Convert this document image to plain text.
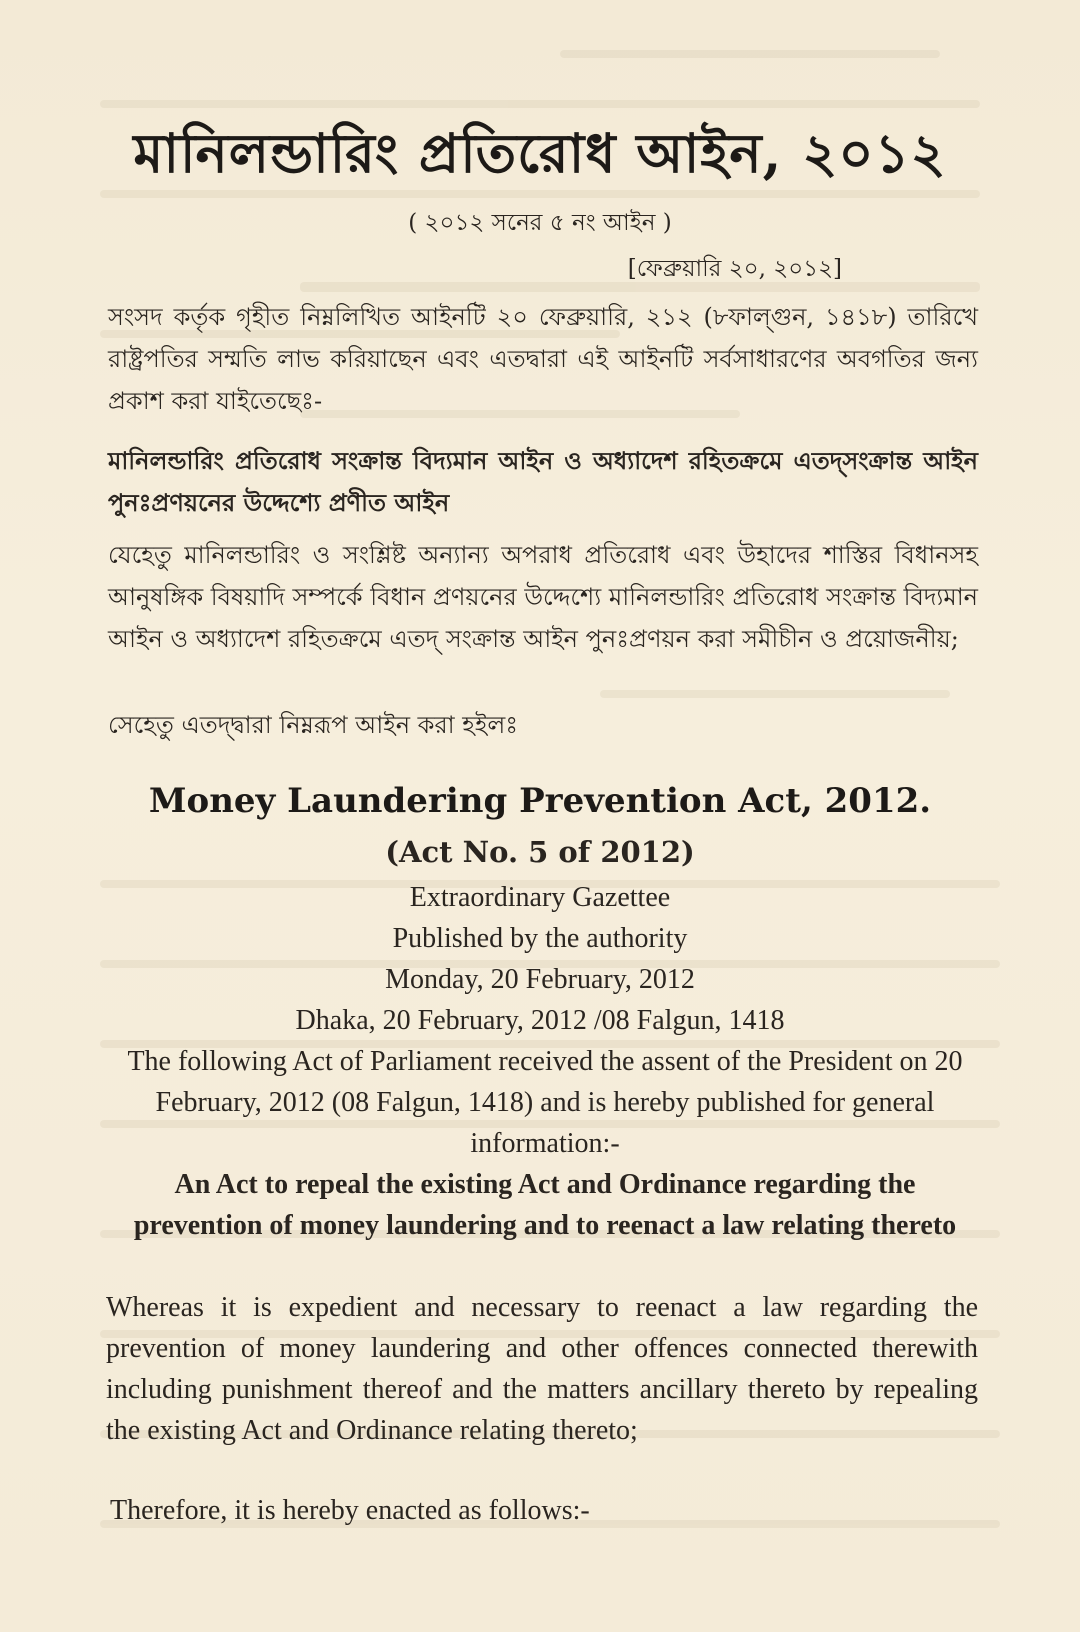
মানিলন্ডারিং প্রতিরোধ আইন, ২০১২
( ২০১২ সনের ৫ নং আইন )
[ফেব্রুয়ারি ২০, ২০১২]
সংসদ কর্তৃক গৃহীত নিম্নলিখিত আইনটি ২০ ফেব্রুয়ারি, ২১২ (৮ফাল্গুন, ১৪১৮) তারিখে রাষ্ট্রপতির সম্মতি লাভ করিয়াছেন এবং এতদ্বারা এই আইনটি সর্বসাধারণের অবগতির জন্য প্রকাশ করা যাইতেছেঃ-
মানিলন্ডারিং প্রতিরোধ সংক্রান্ত বিদ্যমান আইন ও অধ্যাদেশ রহিতক্রমে এতদ্‌সংক্রান্ত আইন পুনঃপ্রণয়নের উদ্দেশ্যে প্রণীত আইন
যেহেতু মানিলন্ডারিং ও সংশ্লিষ্ট অন্যান্য অপরাধ প্রতিরোধ এবং উহাদের শাস্তির বিধানসহ আনুষঙ্গিক বিষয়াদি সম্পর্কে বিধান প্রণয়নের উদ্দেশ্যে মানিলন্ডারিং প্রতিরোধ সংক্রান্ত বিদ্যমান আইন ও অধ্যাদেশ রহিতক্রমে এতদ্‌ সংক্রান্ত আইন পুনঃপ্রণয়ন করা সমীচীন ও প্রয়োজনীয়;
সেহেতু এতদ্‌দ্বারা নিম্নরূপ আইন করা হইলঃ
Money Laundering Prevention Act, 2012.
(Act No. 5 of 2012)
Extraordinary Gazettee
Published by the authority
Monday, 20 February, 2012
Dhaka, 20 February, 2012 /08 Falgun, 1418
The following Act of Parliament received the assent of the President on 20 February, 2012 (08 Falgun, 1418) and is hereby published for general information:-
An Act to repeal the existing Act and Ordinance regarding the prevention of money laundering and to reenact a law relating thereto
Whereas it is expedient and necessary to reenact a law regarding the prevention of money laundering and other offences connected therewith including punishment thereof and the matters ancillary thereto by repealing the existing Act and Ordinance relating thereto;
Therefore, it is hereby enacted as follows:-
